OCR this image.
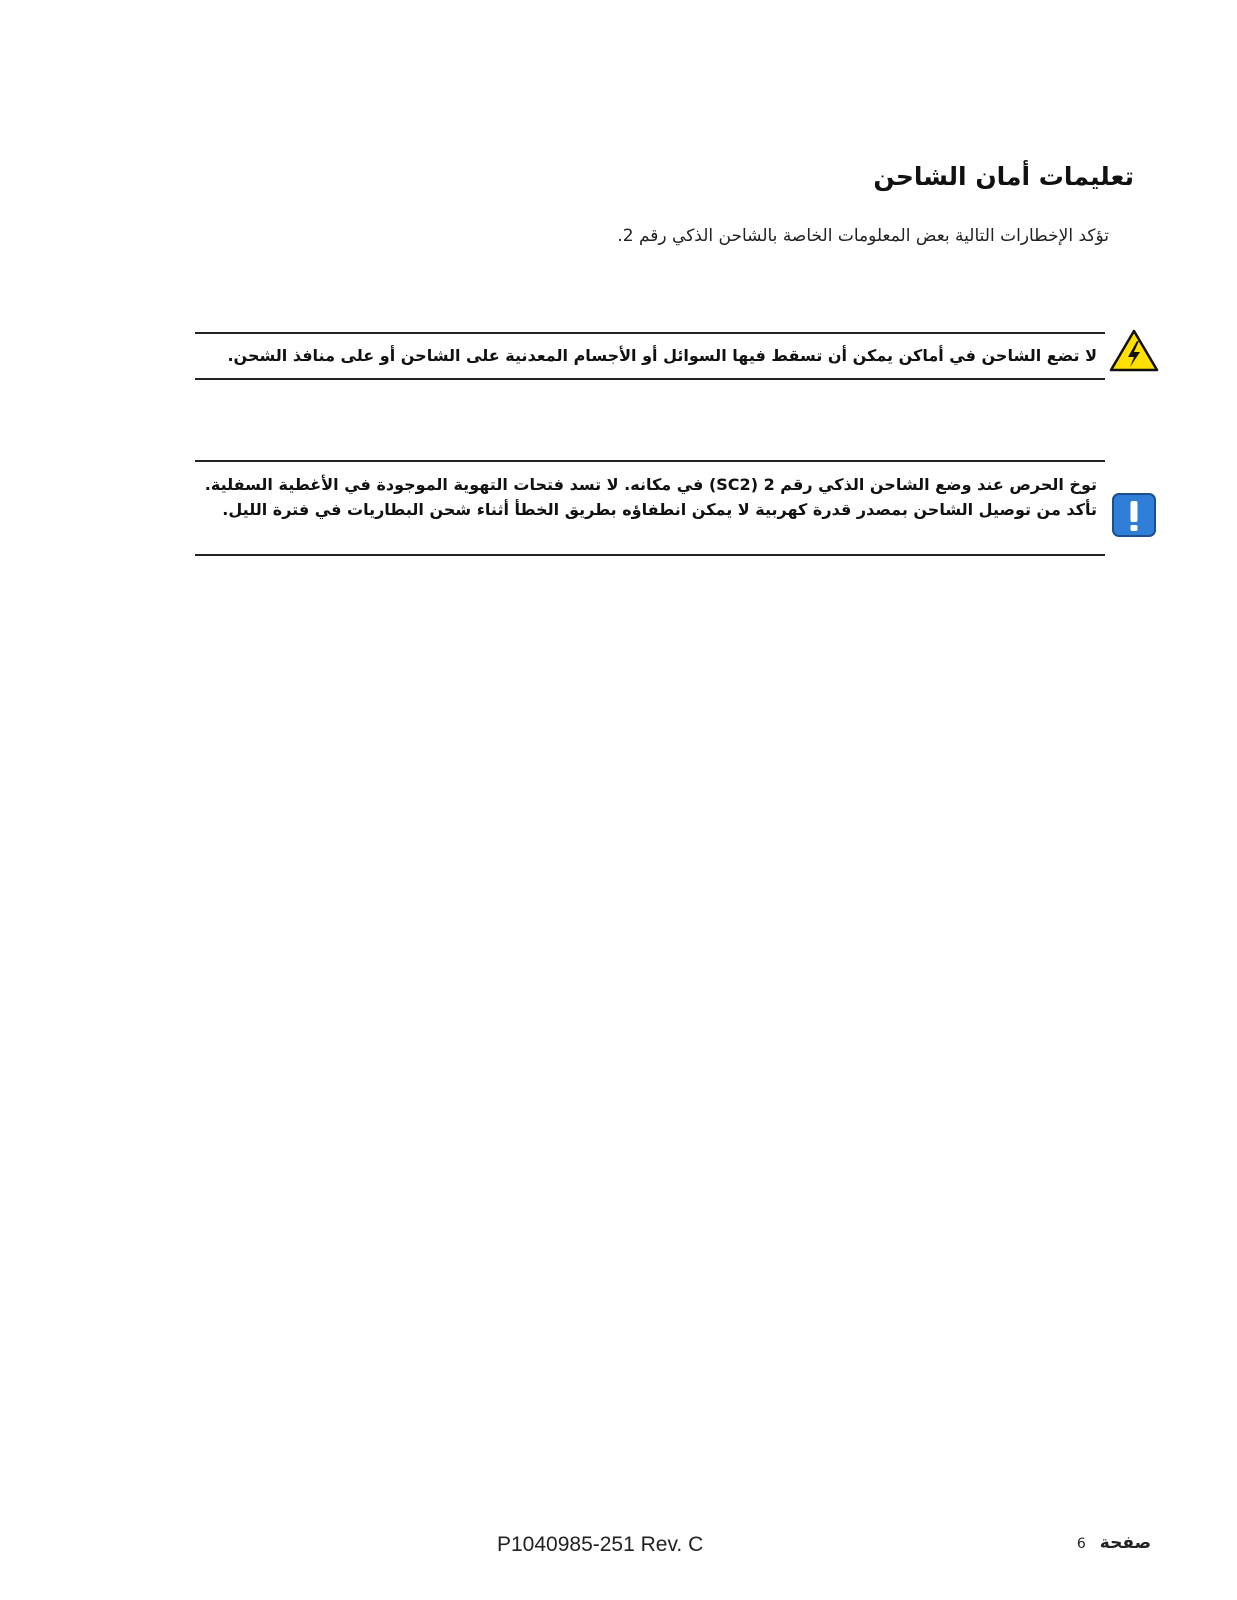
تعليمات أمان الشاحن
تؤكد الإخطارات التالية بعض المعلومات الخاصة بالشاحن الذكي رقم 2.
لا تضع الشاحن في أماكن يمكن أن تسقط فيها السوائل أو الأجسام المعدنية على الشاحن أو على منافذ الشحن.
توخ الحرص عند وضع الشاحن الذكي رقم 2 (SC2) في مكانه. لا تسد فتحات التهوية الموجودة في الأغطية السفلية. تأكد من توصيل الشاحن بمصدر قدرة كهربية لا يمكن انطفاؤه بطريق الخطأ أثناء شحن البطاريات في فترة الليل.
P1040985-251 Rev. C	صفحة6
